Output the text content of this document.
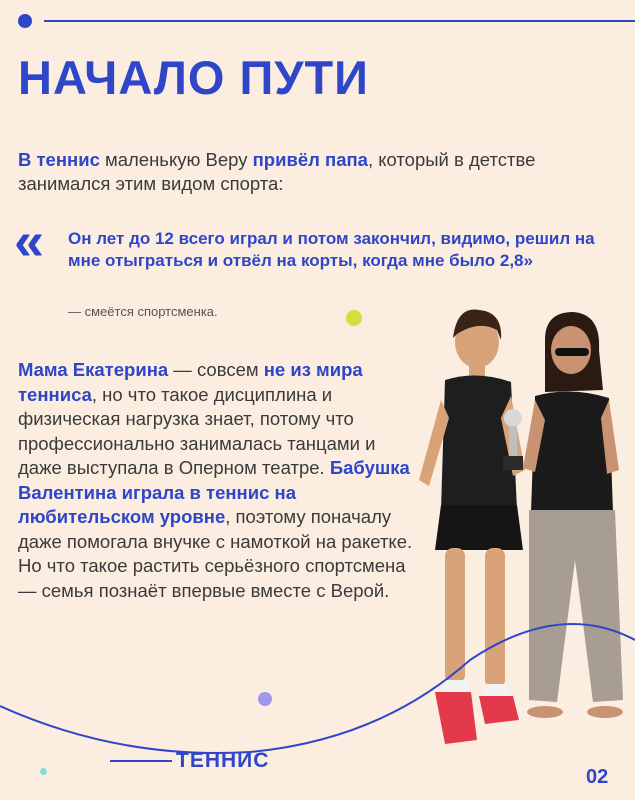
НАЧАЛО ПУТИ

В теннис маленькую Веру привёл папа, который в детстве занимался этим видом спорта:

« Он лет до 12 всего играл и потом закончил, видимо, решил на мне отыграться и отвёл на корты, когда мне было 2,8»

— смеётся спортсменка.

Мама Екатерина — совсем не из мира тенниса, но что такое дисциплина и физическая нагрузка знает, потому что профессионально занималась танцами и даже выступала в Оперном театре. Бабушка Валентина играла в теннис на любительском уровне, поэтому поначалу даже помогала внучке с намоткой на ракетке. Но что такое растить серьёзного спортсмена — семья познаёт впервые вместе с Верой.

ТЕННИС

02
